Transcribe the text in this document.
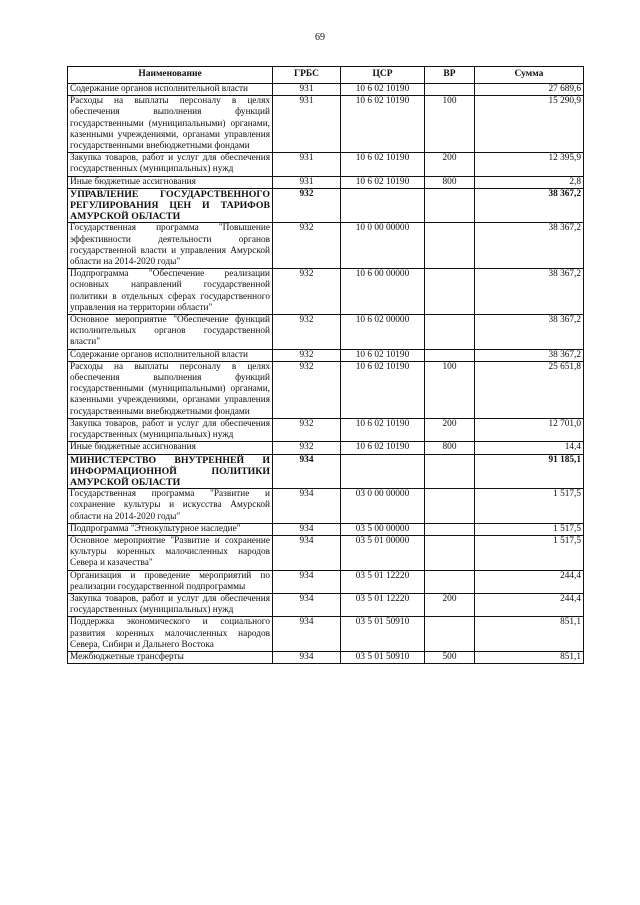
69
Наименование	ГРБС	ЦСР	ВР	Сумма
Содержание органов исполнительной власти	931	10 6 02 10190		27 689,6
Расходы на выплаты персоналу в целях обеспечения выполнения функций государственными (муниципальными) органами, казенными учреждениями, органами управления государственными внебюджетными фондами	931	10 6 02 10190	100	15 290,9
Закупка товаров, работ и услуг для обеспечения государственных (муниципальных) нужд	931	10 6 02 10190	200	12 395,9
Иные бюджетные ассигнования	931	10 6 02 10190	800	2,8
УПРАВЛЕНИЕ ГОСУДАРСТВЕННОГО РЕГУЛИРОВАНИЯ ЦЕН И ТАРИФОВ АМУРСКОЙ ОБЛАСТИ	932			38 367,2
Государственная программа "Повышение эффективности деятельности органов государственной власти и управления Амурской области на 2014-2020 годы"	932	10 0 00 00000		38 367,2
Подпрограмма "Обеспечение реализации основных направлений государственной политики в отдельных сферах государственного управления на территории области"	932	10 6 00 00000		38 367,2
Основное мероприятие "Обеспечение функций исполнительных органов государственной власти"	932	10 6 02 00000		38 367,2
Содержание органов исполнительной власти	932	10 6 02 10190		38 367,2
Расходы на выплаты персоналу в целях обеспечения выполнения функций государственными (муниципальными) органами, казенными учреждениями, органами управления государственными внебюджетными фондами	932	10 6 02 10190	100	25 651,8
Закупка товаров, работ и услуг для обеспечения государственных (муниципальных) нужд	932	10 6 02 10190	200	12 701,0
Иные бюджетные ассигнования	932	10 6 02 10190	800	14,4
МИНИСТЕРСТВО ВНУТРЕННЕЙ И ИНФОРМАЦИОННОЙ ПОЛИТИКИ АМУРСКОЙ ОБЛАСТИ	934			91 185,1
Государственная программа "Развитие и сохранение культуры и искусства Амурской области на 2014-2020 годы"	934	03 0 00 00000		1 517,5
Подпрограмма "Этнокультурное наследие"	934	03 5 00 00000		1 517,5
Основное мероприятие "Развитие и сохранение культуры коренных малочисленных народов Севера и казачества"	934	03 5 01 00000		1 517,5
Организация и проведение мероприятий по реализации государственной подпрограммы	934	03 5 01 12220		244,4
Закупка товаров, работ и услуг для обеспечения государственных (муниципальных) нужд	934	03 5 01 12220	200	244,4
Поддержка экономического и социального развития коренных малочисленных народов Севера, Сибири и Дальнего Востока	934	03 5 01 50910		851,1
Межбюджетные трансферты	934	03 5 01 50910	500	851,1
